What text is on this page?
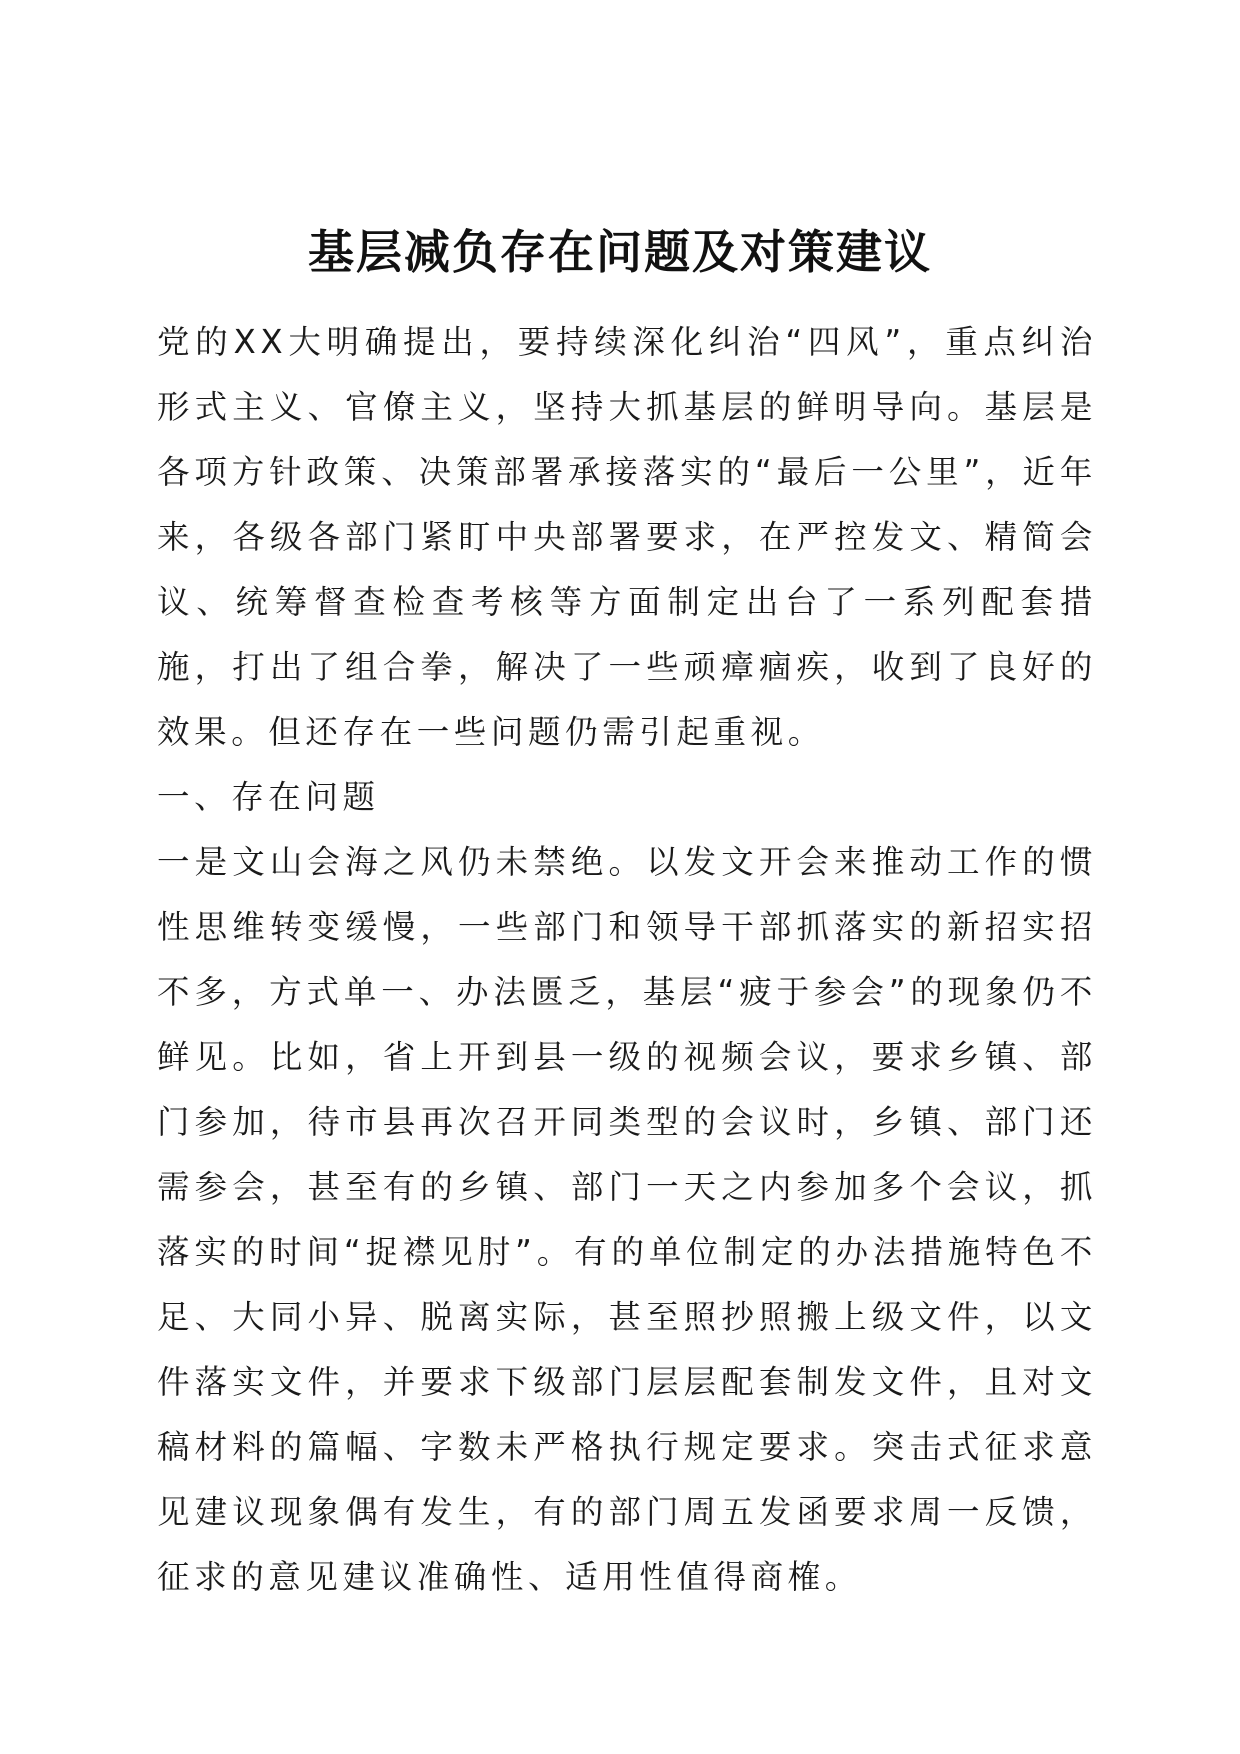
基层减负存在问题及对策建议

党的XX大明确提出，要持续深化纠治“四风”，重点纠治形式主义、官僚主义，坚持大抓基层的鲜明导向。基层是各项方针政策、决策部署承接落实的“最后一公里”，近年来，各级各部门紧盯中央部署要求，在严控发文、精简会议、统筹督查检查考核等方面制定出台了一系列配套措施，打出了组合拳，解决了一些顽瘴痼疾，收到了良好的效果。但还存在一些问题仍需引起重视。

一、存在问题

一是文山会海之风仍未禁绝。以发文开会来推动工作的惯性思维转变缓慢，一些部门和领导干部抓落实的新招实招不多，方式单一、办法匮乏，基层“疲于参会”的现象仍不鲜见。比如，省上开到县一级的视频会议，要求乡镇、部门参加，待市县再次召开同类型的会议时，乡镇、部门还需参会，甚至有的乡镇、部门一天之内参加多个会议，抓落实的时间“捉襟见肘”。有的单位制定的办法措施特色不足、大同小异、脱离实际，甚至照抄照搬上级文件，以文件落实文件，并要求下级部门层层配套制发文件，且对文稿材料的篇幅、字数未严格执行规定要求。突击式征求意见建议现象偶有发生，有的部门周五发函要求周一反馈，征求的意见建议准确性、适用性值得商榷。
